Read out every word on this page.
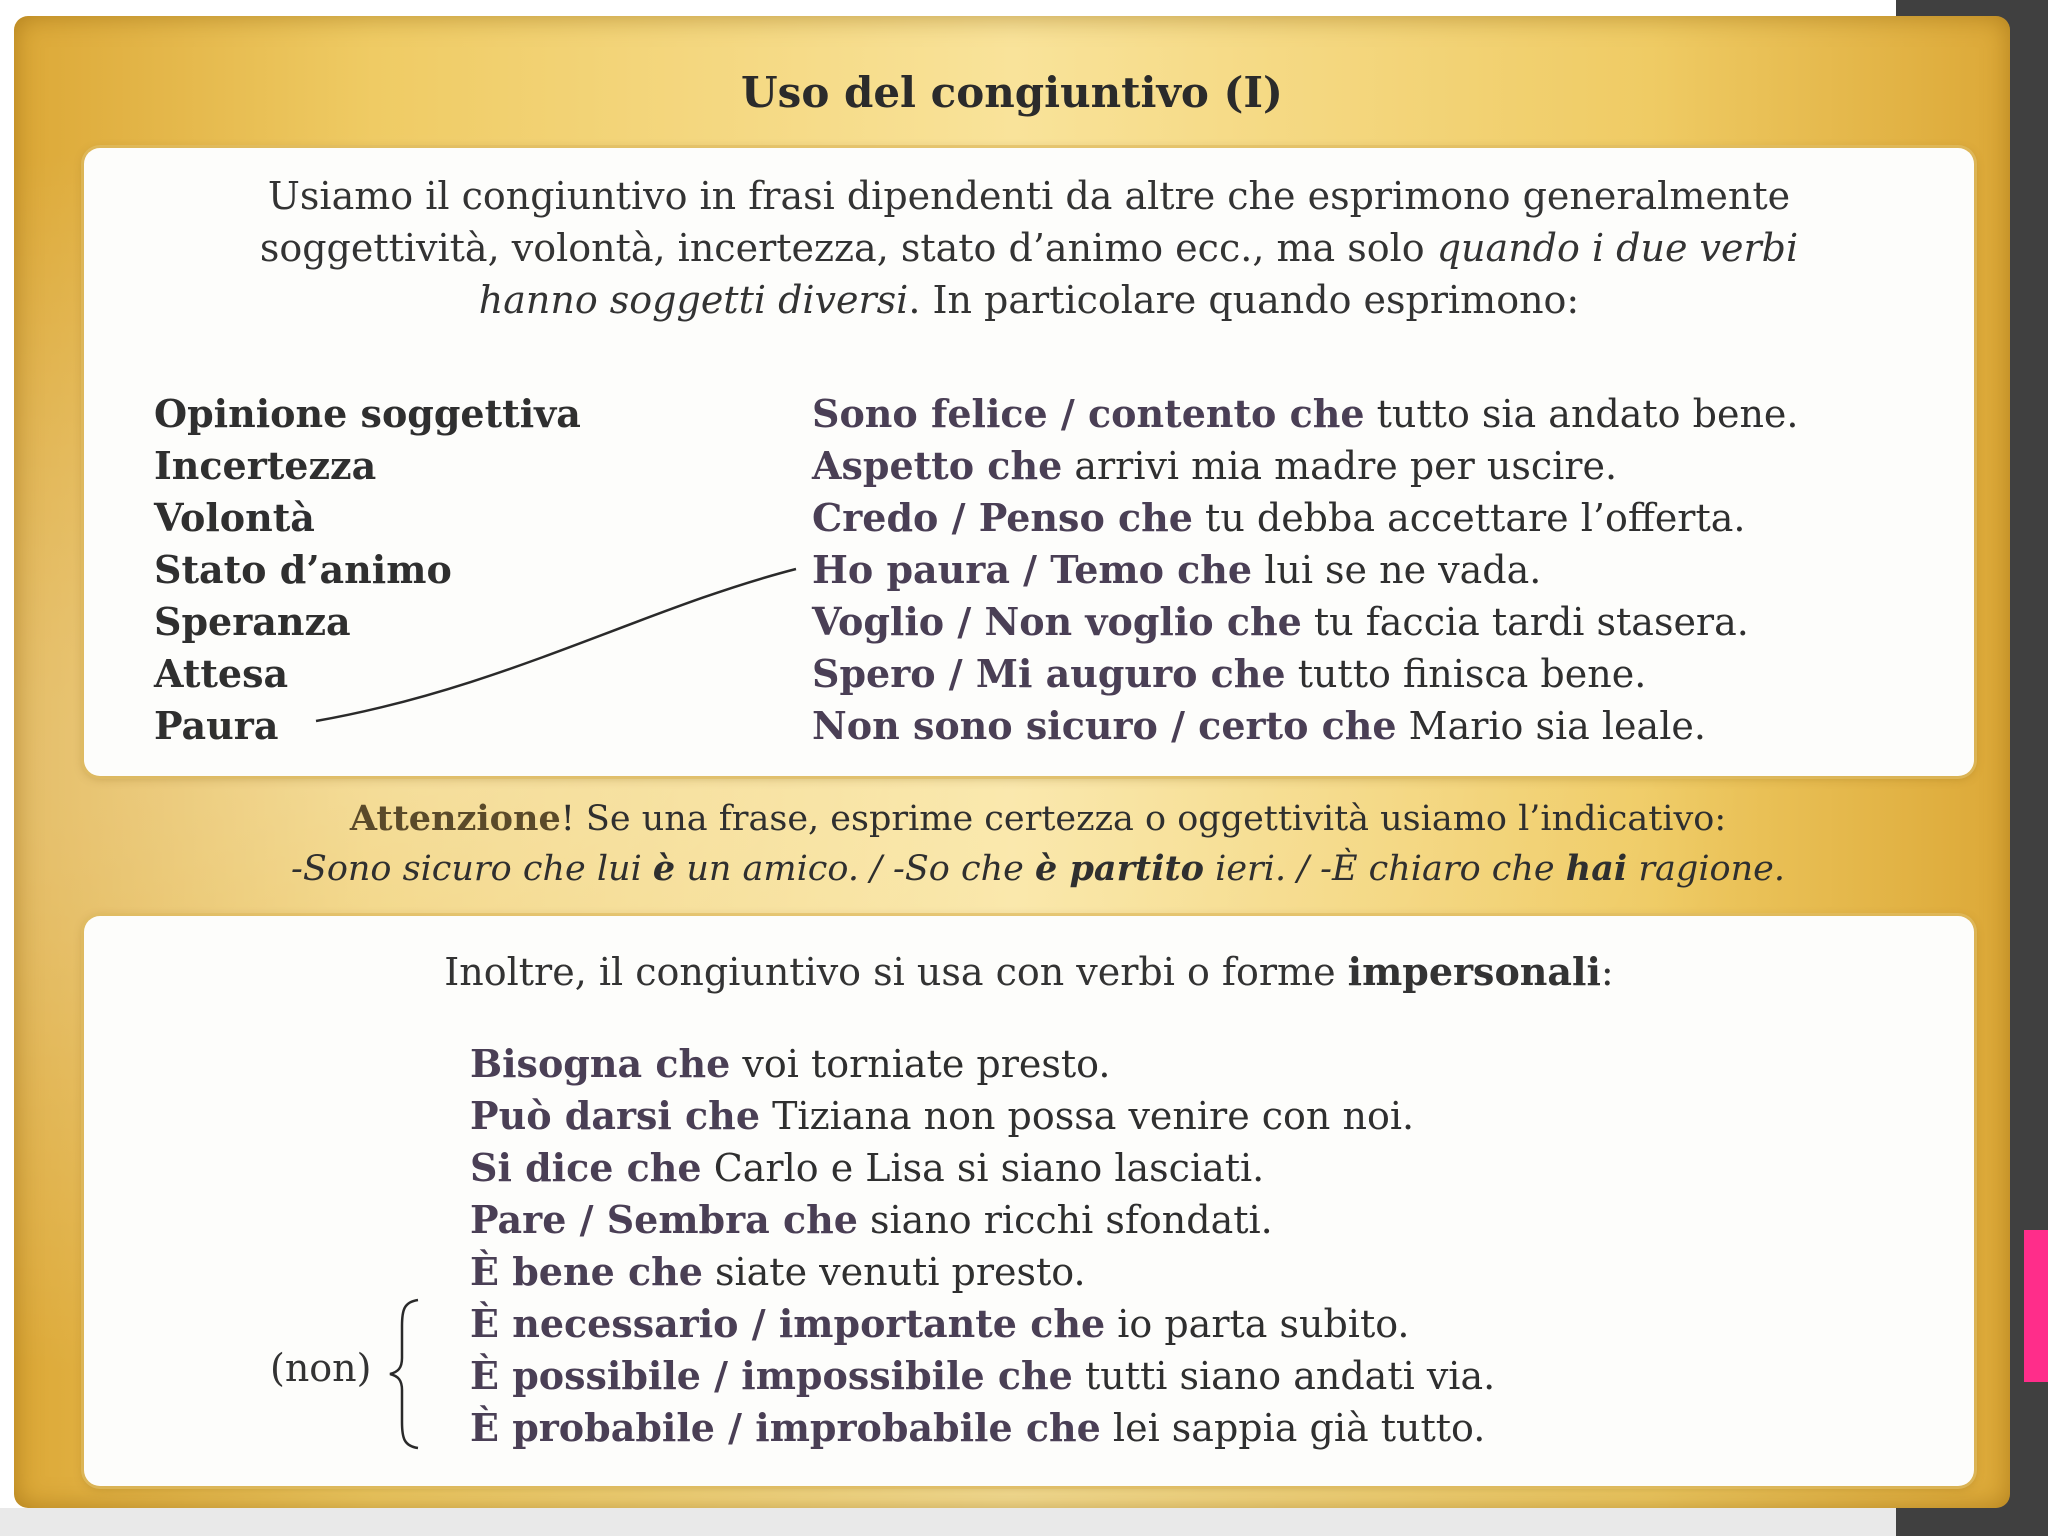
Uso del congiuntivo (I)
Usiamo il congiuntivo in frasi dipendenti da altre che esprimono generalmente soggettività, volontà, incertezza, stato d’animo ecc., ma solo quando i due verbi hanno soggetti diversi. In particolare quando esprimono:
Opinione soggettiva
Incertezza
Volontà
Stato d’animo
Speranza
Attesa
Paura
Sono felice / contento che tutto sia andato bene.
Aspetto che arrivi mia madre per uscire.
Credo / Penso che tu debba accettare l’offerta.
Ho paura / Temo che lui se ne vada.
Voglio / Non voglio che tu faccia tardi stasera.
Spero / Mi auguro che tutto finisca bene.
Non sono sicuro / certo che Mario sia leale.
Attenzione! Se una frase, esprime certezza o oggettività usiamo l’indicativo:
-Sono sicuro che lui è un amico. / -So che è partito ieri. / -È chiaro che hai ragione.
Inoltre, il congiuntivo si usa con verbi o forme impersonali:
Bisogna che voi torniate presto.
Può darsi che Tiziana non possa venire con noi.
Si dice che Carlo e Lisa si siano lasciati.
Pare / Sembra che siano ricchi sfondati.
È bene che siate venuti presto.
È necessario / importante che io parta subito.
È possibile / impossibile che tutti siano andati via.
È probabile / improbabile che lei sappia già tutto.
(non)
